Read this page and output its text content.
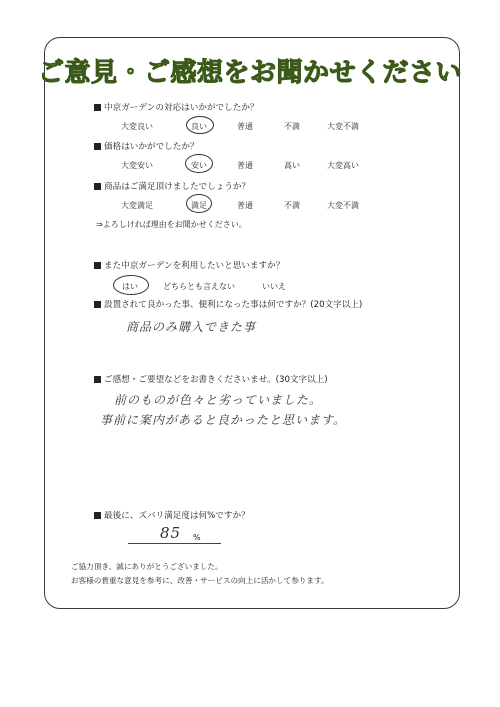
ご意見・ご感想をお聞かせください
中京ガーデンの対応はいかがでしたか？
大変良い	良い	普通	不満	大変不満
価格はいかがでしたか？
大変安い	安い	普通	高い	大変高い
商品はご満足頂けましたでしょうか？
大変満足	満足	普通	不満	大変不満
⇒よろしければ理由をお聞かせください。
また中京ガーデンを利用したいと思いますか？
はい	どちらとも言えない	いいえ
設置されて良かった事、便利になった事は何ですか？(20文字以上)
商品のみ購入できた事
ご感想・ご要望などをお書きくださいませ。(30文字以上)
前のものが色々と劣っていました。
事前に案内があると良かったと思います。
最後に、ズバリ満足度は何%ですか？
85 %
ご協力頂き、誠にありがとうございました。
お客様の貴重な意見を参考に、改善・サービスの向上に活かして参ります。
